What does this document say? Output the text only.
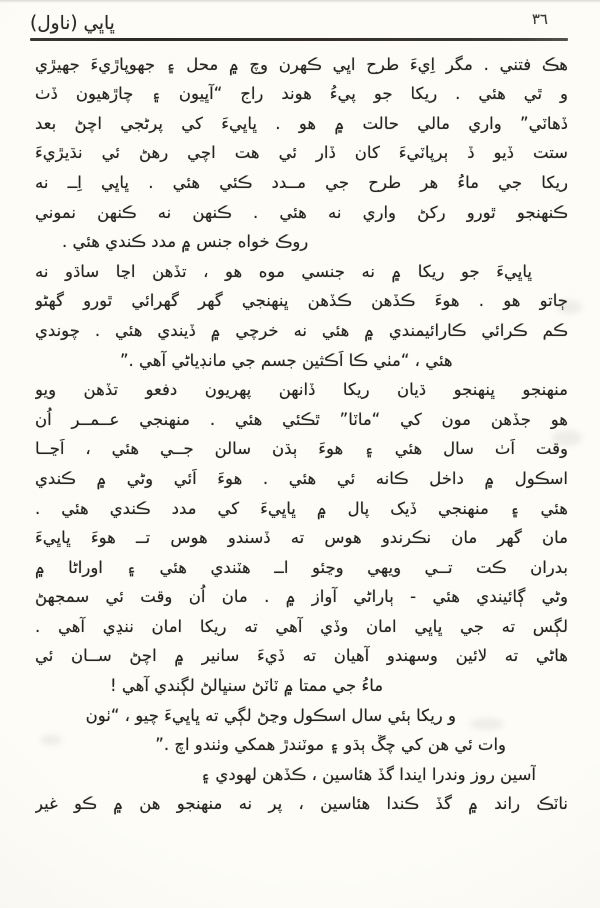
ڀاڀي (ناول)	٣٦
هڪ فتني . مگر اِيءَ طرح اڀي ڪهرن وچ ۾ محل ۽ جهوپاڙيءَ جهيڙي
و ٿي هئي . ريکا جو پيءُ هوند راج “آڀيون ۽ چاڙهيون ڏٺ
ڏهاٽي” واري مالي حالت ۾ هو . ڀاڀيءَ کي پرڻجي اچڻ بعد
ستت ڏيو ڏ ٻرپاٽيءَ کان ڏار ئي هت اچي رهڻ ئي نڌيڙيءَ
ريکا جي ماءُ هر طرح جي مــدد ڪئي هئي . ڀاڀي اِــ نه
ڪنهنجو ٿورو رکڻ واري نه هئي . ڪنهن نه ڪنهن نموني
روڪ خواه جنس ۾ مدد ڪندي هئي .
ڀاڀيءَ جو ريکا ۾ نه جنسي موه هو ، تڏهن اڃا ساڌو نه
ڄاتو هو . هوءَ ڪڏهن ڪڏهن ڀنهنجي گهر گهرائي ٿورو گهڻو
ڪم ڪرائي ڪارائيمندي ۾ هئي نه خرچي ۾ ڏيندي هئي . چوندي
هئي ، “مٺي ڪا اَڪثين جسم جي مانڊياڻي آهي .”
منهنجو ڀنهنجو ڌيان ريکا ڏانهن پهريون دفعو تڏهن ويو
هو جڏهن مون کي “ماٽا” ٿڪئي هئي . منهنجي عــمــر اُن
وقت اَٺ سال هئي ۽ هوءَ ٻڌن سالن جــي هئي ، اَڃــا
اسڪول ۾ داخل ڪانه ئي هئي . هوءَ اَئي وڻي ۾ ڪندي
هئي ۽ منهنجي ڏيک پال ۾ ڀاڀيءَ کي مدد ڪندي هئي .
مان گهر مان نڪرندو هوس ته ڏسندو هوس تــ هوءَ ڀاڀيءَ
بدران ڪت تــي ويهي وڃئو اــ هٽندي هئي ۽ اوراڻا ۾
وڻي ڳائيندي هئي - ٻاراڻي آواز ۾ . مان اُن وقت ئي سمجهڻ
لڳس ته جي ڀاڀي امان وڏي آهي ته ريکا امان ننڍي آهي .
هاڻي ته لائين وسهندو آهيان ته ڏيءَ سانير ۾ اچڻ ســان ئي
ماءُ جي ممتا ۾ ٽاٽڻ سنڀالڻ لڳندي آهي !
و ريکا ٻئي سال اسڪول وڃڻ لڳي ته ڀاڀيءَ چيو ، “ٺون
وات ئي هن کي چڱ ٻڌو ۽ موٽندڙ همکي وٺندو اچ .”
آسين روز وندرا ايندا گڏ هئاسين ، ڪڏهن لهودي ۽
ناٽڪ راند ۾ گڏ ڪندا هئاسين ، پر نه منهنجو هن ۾ ڪو غير
